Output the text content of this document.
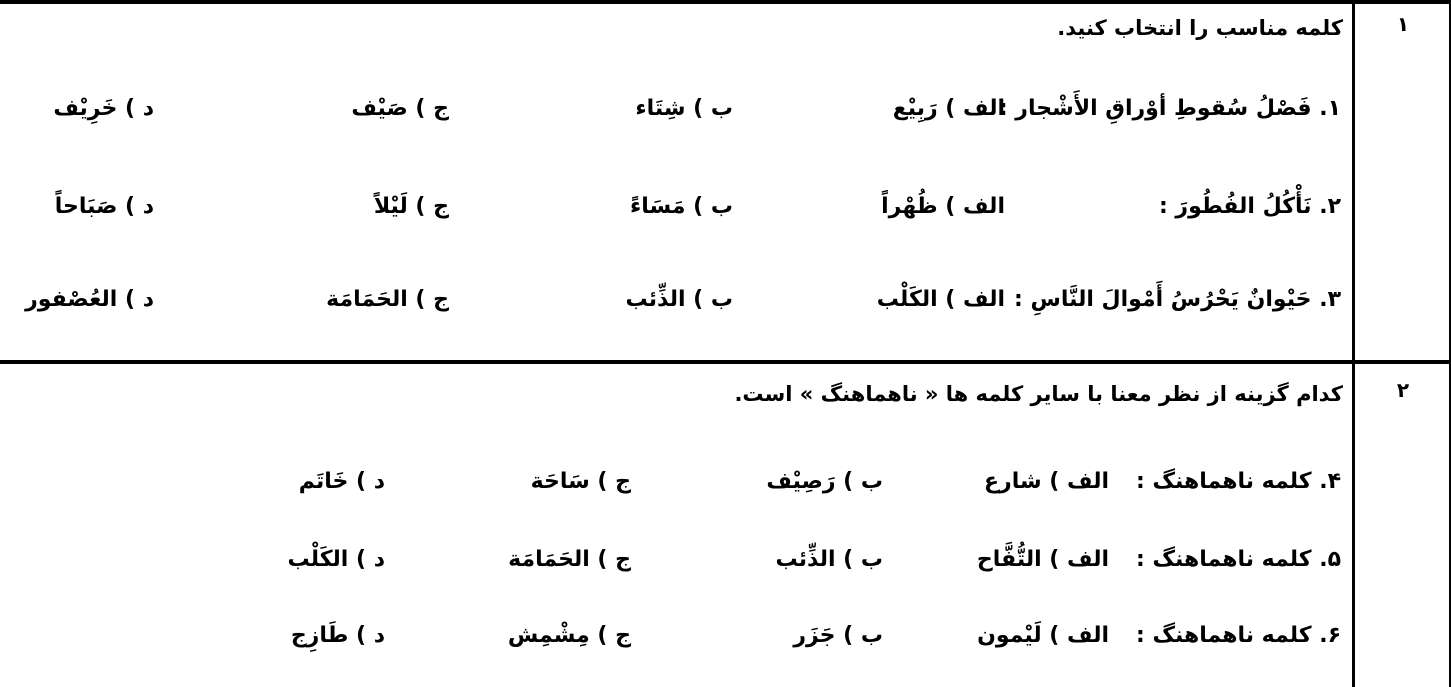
۱
کلمه مناسب را انتخاب کنید.
۱. فَصْلُ سُقوطِ أوْراقِ الأَشْجار :
الف ) رَبِيْع
ب ) شِتَاء
ج ) صَيْف
د ) خَرِيْف
۲. نَأْكُلُ الفُطُورَ :
الف ) ظُهْراً
ب ) مَسَاءً
ج ) لَيْلاً
د ) صَبَاحاً
۳. حَيْوانٌ يَحْرُسُ أَمْوالَ النَّاسِ :
الف ) الكَلْب
ب ) الذِّئب
ج ) الحَمَامَة
د ) العُصْفور
۲
كدام گزینه از نظر معنا با سایر کلمه ها « ناهماهنگ » است.
۴. کلمه ناهماهنگ :
الف ) شارع
ب ) رَصِيْف
ج ) سَاحَة
د ) خَاتَم
۵. کلمه ناهماهنگ :
الف ) التُّفَّاح
ب ) الذِّئب
ج ) الحَمَامَة
د ) الكَلْب
۶. کلمه ناهماهنگ :
الف ) لَيْمون
ب ) جَزَر
ج ) مِشْمِش
د ) طَازِج
